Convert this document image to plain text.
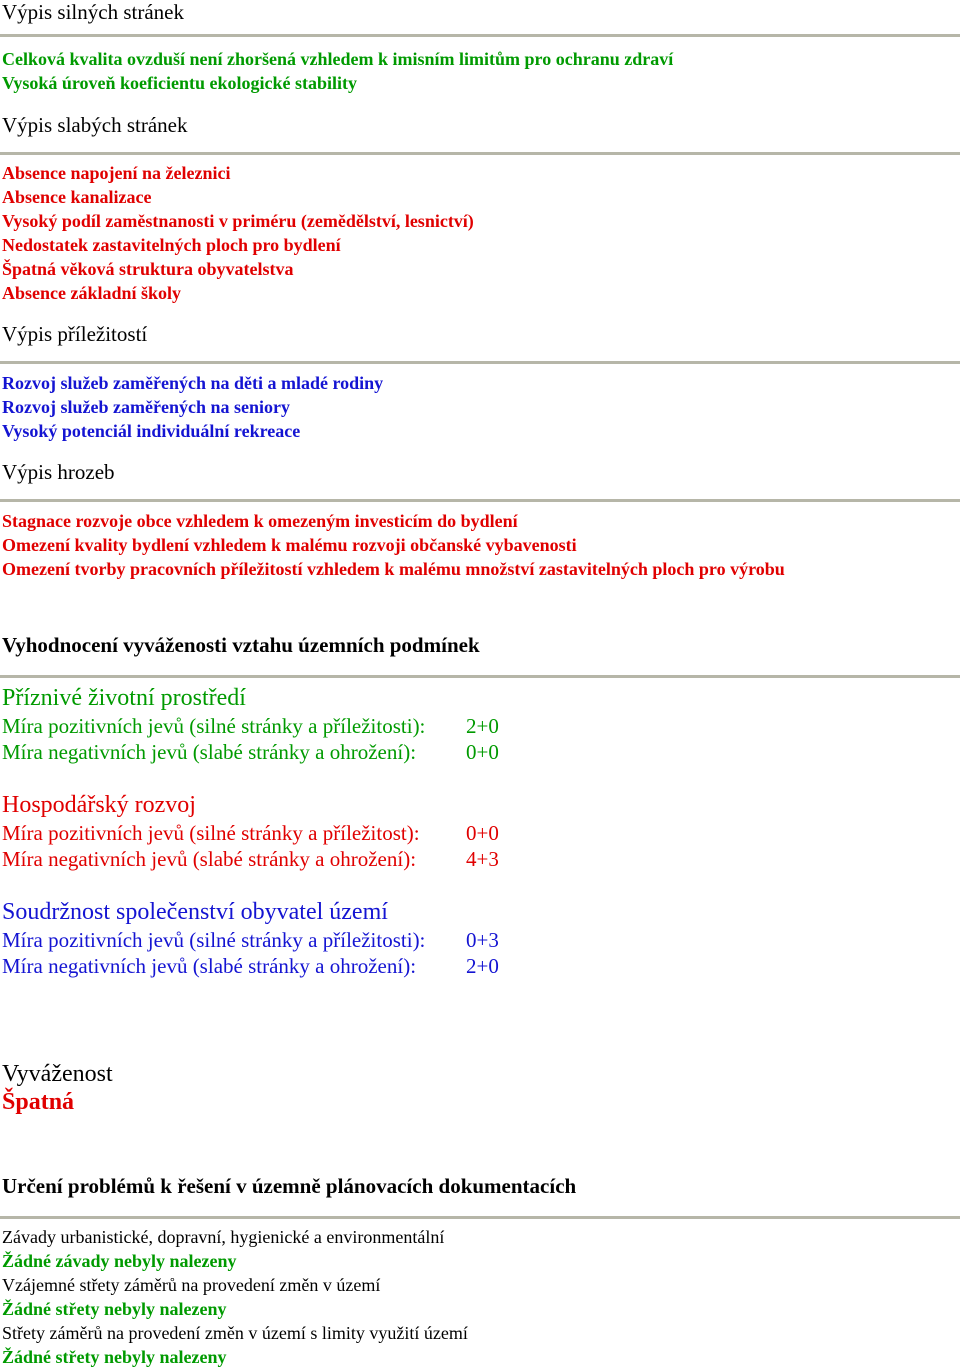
Výpis silných stránek
Celková kvalita ovzduší není zhoršená vzhledem k imisním limitům pro ochranu zdraví
Vysoká úroveň koeficientu ekologické stability
Výpis slabých stránek
Absence napojení na železnici
Absence kanalizace
Vysoký podíl zaměstnanosti v priméru (zemědělství, lesnictví)
Nedostatek zastavitelných ploch pro bydlení
Špatná věková struktura obyvatelstva
Absence základní školy
Výpis příležitostí
Rozvoj služeb zaměřených na děti a mladé rodiny
Rozvoj služeb zaměřených na seniory
Vysoký potenciál individuální rekreace
Výpis hrozeb
Stagnace rozvoje obce vzhledem k omezeným investicím do bydlení
Omezení kvality bydlení vzhledem k malému rozvoji občanské vybavenosti
Omezení tvorby pracovních příležitostí vzhledem k malému množství zastavitelných ploch pro výrobu
Vyhodnocení vyváženosti vztahu územních podmínek
Příznivé životní prostředí
Míra pozitivních jevů (silné stránky a příležitosti): 2+0
Míra negativních jevů (slabé stránky a ohrožení): 0+0
Hospodářský rozvoj
Míra pozitivních jevů (silné stránky a příležitost): 0+0
Míra negativních jevů (slabé stránky a ohrožení): 4+3
Soudržnost společenství obyvatel území
Míra pozitivních jevů (silné stránky a příležitosti): 0+3
Míra negativních jevů (slabé stránky a ohrožení): 2+0
Vyváženost
Špatná
Určení problémů k řešení v územně plánovacích dokumentacích
Závady urbanistické, dopravní, hygienické a environmentální
Žádné závady nebyly nalezeny
Vzájemné střety záměrů na provedení změn v území
Žádné střety nebyly nalezeny
Střety záměrů na provedení změn v území s limity využití území
Žádné střety nebyly nalezeny
